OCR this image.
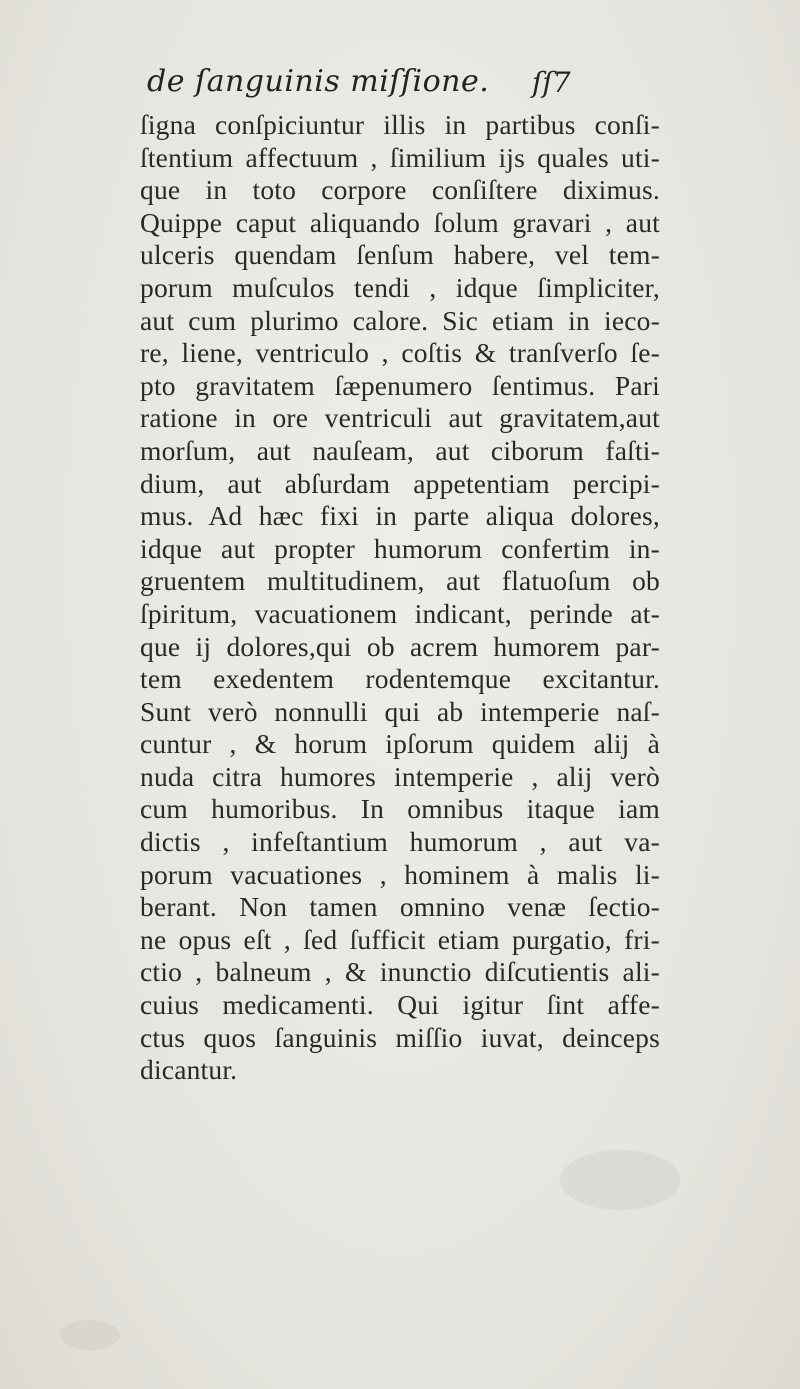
de ſanguinis miſſione. ſſ7
ſigna conſpiciuntur illis in partibus conſi-
ſtentium affectuum , ſimilium ijs quales uti-
que in toto corpore conſiſtere diximus.
Quippe caput aliquando ſolum gravari , aut
ulceris quendam ſenſum habere, vel tem-
porum muſculos tendi , idque ſimpliciter,
aut cum plurimo calore. Sic etiam in ieco-
re, liene, ventriculo , coſtis & tranſverſo ſe-
pto gravitatem ſæpenumero ſentimus. Pari
ratione in ore ventriculi aut gravitatem,aut
morſum, aut nauſeam, aut ciborum faſti-
dium, aut abſurdam appetentiam percipi-
mus. Ad hæc fixi in parte aliqua dolores,
idque aut propter humorum confertim in-
gruentem multitudinem, aut flatuoſum ob
ſpiritum, vacuationem indicant, perinde at-
que ij dolores,qui ob acrem humorem par-
tem exedentem rodentemque excitantur.
Sunt verò nonnulli qui ab intemperie naſ-
cuntur , & horum ipſorum quidem alij à
nuda citra humores intemperie , alij verò
cum humoribus. In omnibus itaque iam
dictis , infeſtantium humorum , aut va-
porum vacuationes , hominem à malis li-
berant. Non tamen omnino venæ ſectio-
ne opus eſt , ſed ſufficit etiam purgatio, fri-
ctio , balneum , & inunctio diſcutientis ali-
cuius medicamenti. Qui igitur ſint affe-
ctus quos ſanguinis miſſio iuvat, deinceps
dicantur.
